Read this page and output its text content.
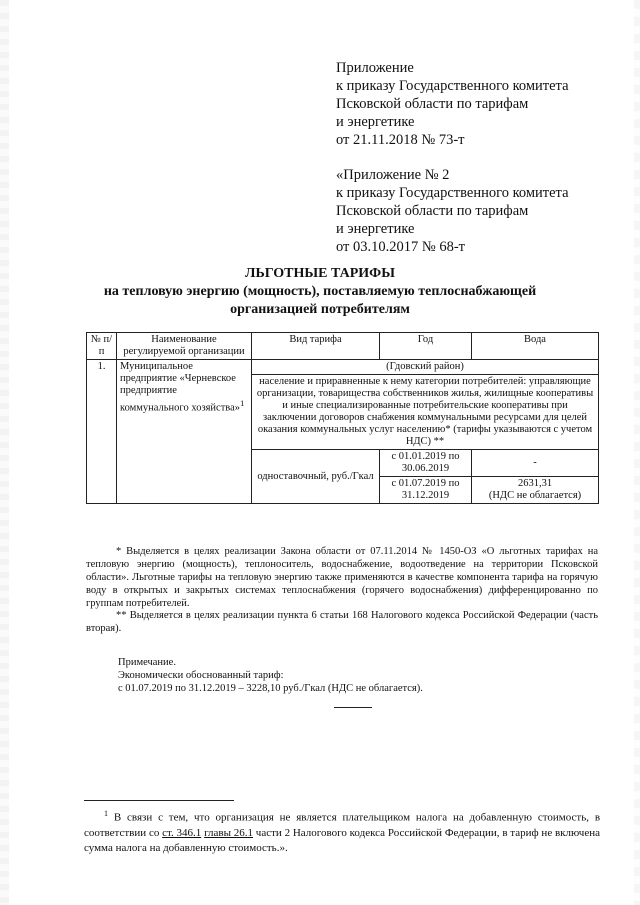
Приложение
к приказу Государственного комитета
Псковской области по тарифам
и энергетике
от 21.11.2018 № 73-т
«Приложение № 2
к приказу Государственного комитета
Псковской области по тарифам
и энергетике
от 03.10.2017 № 68-т
ЛЬГОТНЫЕ ТАРИФЫ
на тепловую энергию (мощность), поставляемую теплоснабжающей
организацией потребителям
№ п/п	Наименование регулируемой организации	Вид тарифа	Год	Вода
1.	Муниципальное предприятие «Черневское предприятие коммунального хозяйства»$^1$	(Гдовский район)		
		население и приравненные к нему категории потребителей: управляющие организации, товарищества собственников жилья, жилищные кооперативы и иные специализированные потребительские кооперативы при заключении договоров снабжения коммунальными ресурсами для целей оказания коммунальных услуг населению* (тарифы указываются с учетом НДС) **		
		одноставочный, руб./Гкал	с 01.01.2019 по 30.06.2019	-
			с 01.07.2019 по 31.12.2019	2631,31
(НДС не облагается)
* Выделяется в целях реализации Закона области от 07.11.2014 № 1450-ОЗ «О льготных тарифах на тепловую энергию (мощность), теплоноситель, водоснабжение, водоотведение на территории Псковской области». Льготные тарифы на тепловую энергию также применяются в качестве компонента тарифа на горячую воду в открытых и закрытых системах теплоснабжения (горячего водоснабжения) дифференцированно по группам потребителей.
** Выделяется в целях реализации пункта 6 статьи 168 Налогового кодекса Российской Федерации (часть вторая).
Примечание.
Экономически обоснованный тариф:
с 01.07.2019 по 31.12.2019 – 3228,10 руб./Гкал (НДС не облагается).
$^1$ В связи с тем, что организация не является плательщиком налога на добавленную стоимость, в соответствии со ст. 346.1 главы 26.1 части 2 Налогового кодекса Российской Федерации, в тариф не включена сумма налога на добавленную стоимость.».
